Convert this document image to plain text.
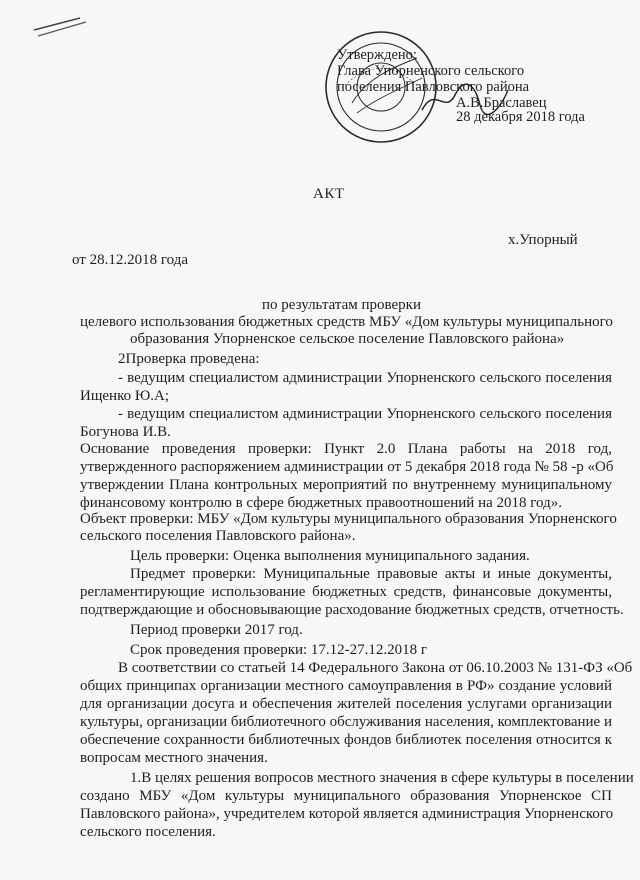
Утверждено:
Глава Упорненского сельского
поселения Павловского района
А.В.Браславец
28 декабря 2018 года
АКТ
х.Упорный
от 28.12.2018 года
по результатам проверки
целевого использования бюджетных средств МБУ «Дом культуры муниципального
образования Упорненское сельское поселение Павловского района»
2Проверка проведена:
- ведущим специалистом администрации Упорненского сельского поселения
Ищенко Ю.А;
- ведущим специалистом администрации Упорненского сельского поселения
Богунова И.В.
Основание проведения проверки: Пункт 2.0 Плана работы на 2018 год,
утвержденного распоряжением администрации от 5 декабря 2018 года № 58 -р «Об
утверждении Плана контрольных мероприятий по внутреннему муниципальному
финансовому контролю в сфере бюджетных правоотношений на 2018 год».
Объект проверки: МБУ «Дом культуры муниципального образования Упорненского
сельского поселения Павловского района».
Цель проверки: Оценка выполнения муниципального задания.
Предмет проверки: Муниципальные правовые акты и иные документы,
регламентирующие использование бюджетных средств, финансовые документы,
подтверждающие и обосновывающие расходование бюджетных средств, отчетность.
Период проверки 2017 год.
Срок проведения проверки: 17.12-27.12.2018 г
В соответствии со статьей 14 Федерального Закона от 06.10.2003 № 131-ФЗ «Об
общих принципах организации местного самоуправления в РФ» создание условий
для организации досуга и обеспечения жителей поселения услугами организации
культуры, организации библиотечного обслуживания населения, комплектование и
обеспечение сохранности библиотечных фондов библиотек поселения относится к
вопросам местного значения.
1.В целях решения вопросов местного значения в сфере культуры в поселении
создано МБУ «Дом культуры муниципального образования Упорненское СП
Павловского района», учредителем которой является администрация Упорненского
сельского поселения.
